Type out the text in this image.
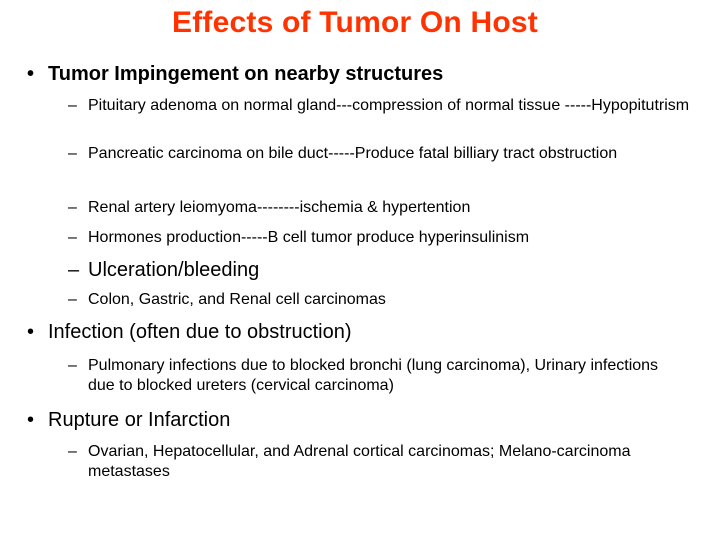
Effects of Tumor On Host
• Tumor Impingement on nearby structures
– Pituitary adenoma on normal gland---compression of normal tissue -----Hypopitutrism
– Pancreatic carcinoma on bile duct-----Produce fatal billiary tract obstruction
– Renal artery leiomyoma--------ischemia & hypertention
– Hormones production-----B cell tumor produce hyperinsulinism
– Ulceration/bleeding
– Colon, Gastric, and Renal cell carcinomas
• Infection (often due to obstruction)
– Pulmonary infections due to blocked bronchi (lung carcinoma), Urinary infections due to blocked ureters (cervical carcinoma)
• Rupture or Infarction
– Ovarian, Hepatocellular, and Adrenal cortical carcinomas; Melano-carcinoma metastases
